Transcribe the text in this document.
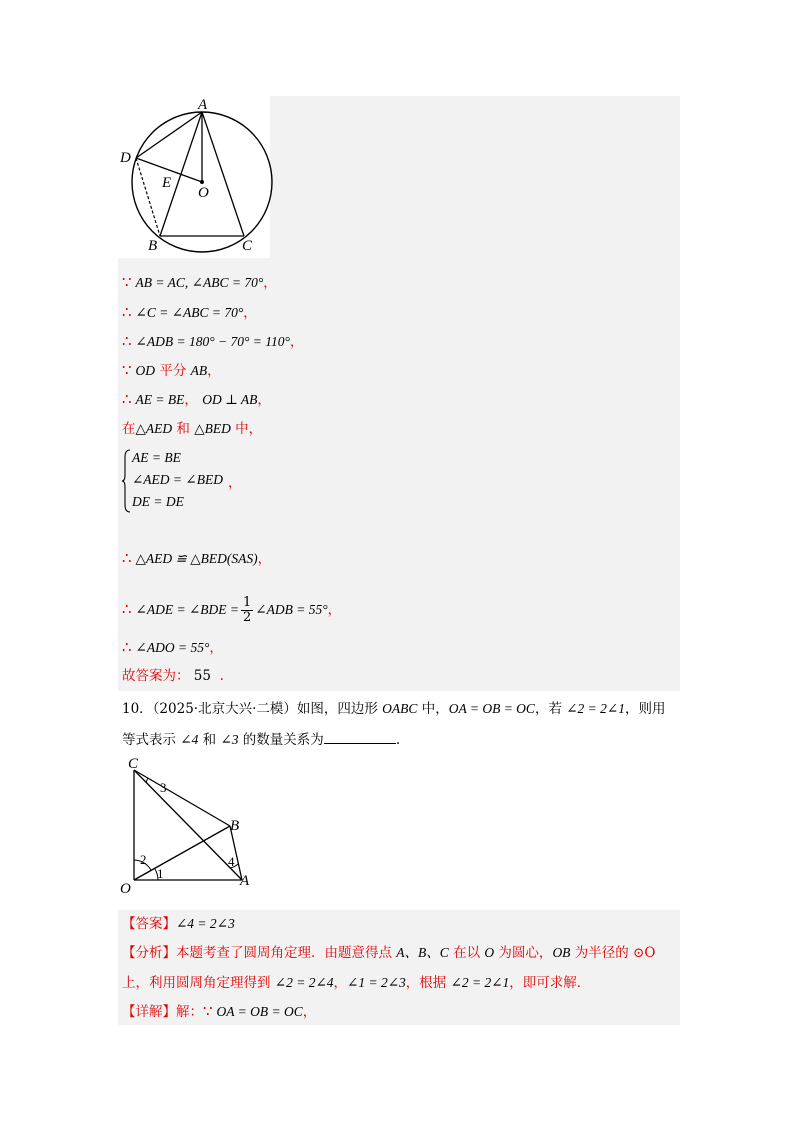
A
D
E
O
B	C
∵ AB = AC, ∠ABC = 70°，
∴ ∠C = ∠ABC = 70°，
∴ ∠ADB = 180° − 70° = 110°，
∵ OD 平分 AB，
∴ AE = BE， OD ⊥ AB，
在△AED 和 △BED 中，
AE = BE
∠AED = ∠BED
DE = DE
，
∴ △AED ≌ △BED(SAS)，
∴ ∠ADE = ∠BDE = $\frac{1}{2}$ ∠ADB = 55°，
∴ ∠ADO = 55°，
故答案为： 55 .
10．（2025·北京大兴·二模）如图，四边形 OABC 中，OA = OB = OC，若 ∠2 = 2∠1，则用
等式表示 ∠4 和 ∠3 的数量关系为	.
C
B
O	A
1
2
3
4
【答案】∠4 = 2∠3
【分析】本题考查了圆周角定理．由题意得点 A、B、C 在以 O 为圆心，OB 为半径的 ⊙O
上，利用圆周角定理得到 ∠2 = 2∠4，∠1 = 2∠3，根据 ∠2 = 2∠1，即可求解．
【详解】解：∵ OA = OB = OC，
